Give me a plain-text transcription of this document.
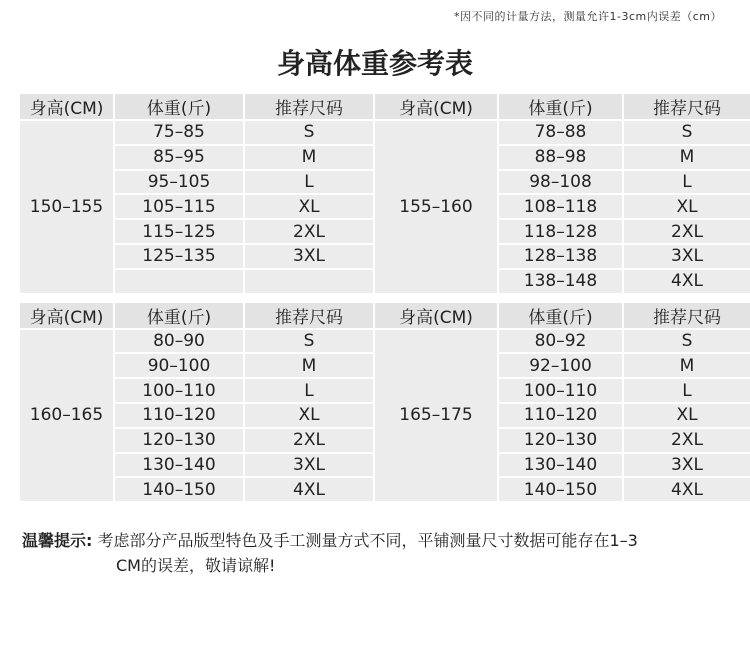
*因不同的计量方法，测量允许1-3cm内误差（cm）
身高体重参考表
身高(CM)	体重(斤)	推荐尺码	身高(CM)	体重(斤)	推荐尺码
150–155	75–85	S	155–160	78–88	S
	85–95	M		88–98	M
	95–105	L		98–108	L
	105–115	XL		108–118	XL
	115–125	2XL		118–128	2XL
	125–135	3XL		128–138	3XL
				138–148	4XL

身高(CM)	体重(斤)	推荐尺码	身高(CM)	体重(斤)	推荐尺码
160–165	80–90	S	165–175	80–92	S
	90–100	M		92–100	M
	100–110	L		100–110	L
	110–120	XL		110–120	XL
	120–130	2XL		120–130	2XL
	130–140	3XL		130–140	3XL
	140–150	4XL		140–150	4XL
温馨提示: 考虑部分产品版型特色及手工测量方式不同，平铺测量尺寸数据可能存在1–3
CM的误差，敬请谅解!
